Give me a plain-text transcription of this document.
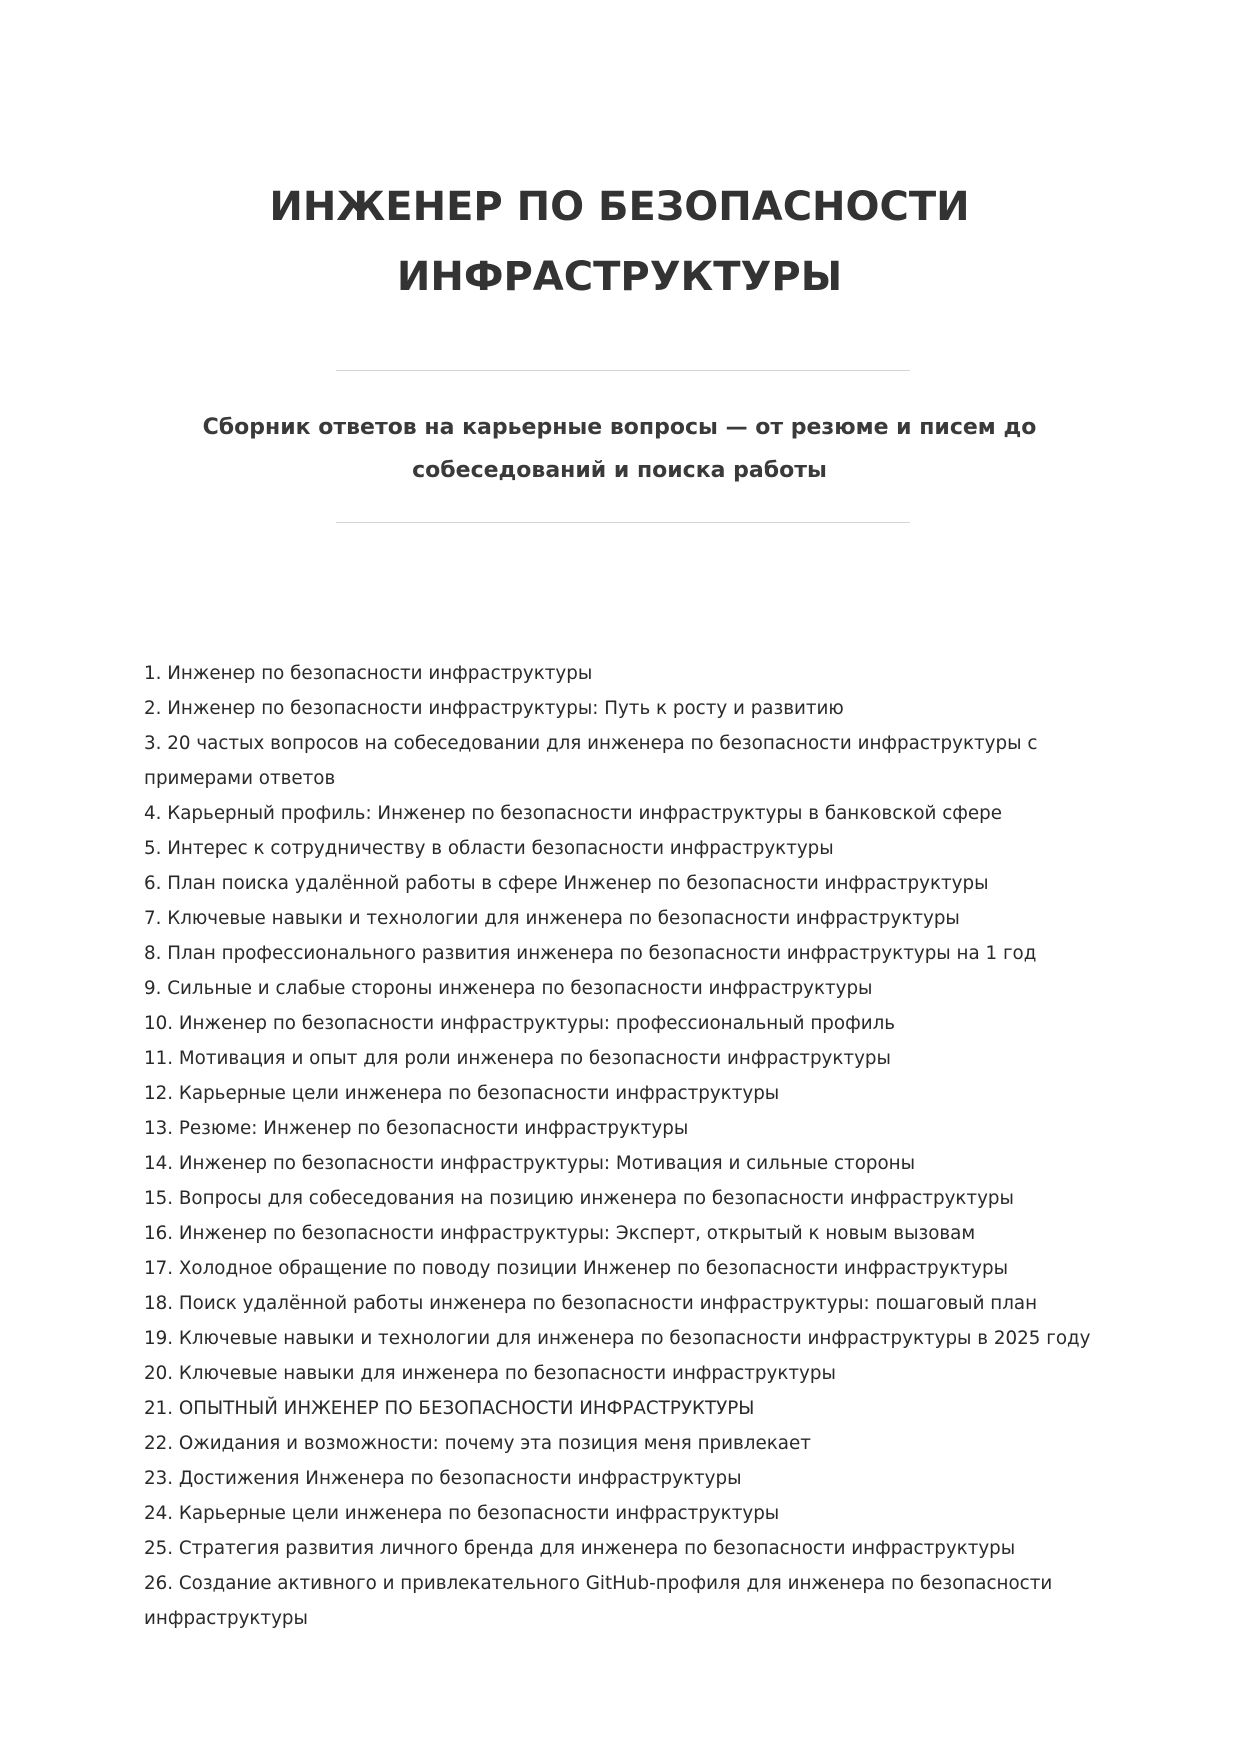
ИНЖЕНЕР ПО БЕЗОПАСНОСТИ
ИНФРАСТРУКТУРЫ

Сборник ответов на карьерные вопросы — от резюме и писем до
собеседований и поиска работы

1. Инженер по безопасности инфраструктуры
2. Инженер по безопасности инфраструктуры: Путь к росту и развитию
3. 20 частых вопросов на собеседовании для инженера по безопасности инфраструктуры с примерами ответов
4. Карьерный профиль: Инженер по безопасности инфраструктуры в банковской сфере
5. Интерес к сотрудничеству в области безопасности инфраструктуры
6. План поиска удалённой работы в сфере Инженер по безопасности инфраструктуры
7. Ключевые навыки и технологии для инженера по безопасности инфраструктуры
8. План профессионального развития инженера по безопасности инфраструктуры на 1 год
9. Сильные и слабые стороны инженера по безопасности инфраструктуры
10. Инженер по безопасности инфраструктуры: профессиональный профиль
11. Мотивация и опыт для роли инженера по безопасности инфраструктуры
12. Карьерные цели инженера по безопасности инфраструктуры
13. Резюме: Инженер по безопасности инфраструктуры
14. Инженер по безопасности инфраструктуры: Мотивация и сильные стороны
15. Вопросы для собеседования на позицию инженера по безопасности инфраструктуры
16. Инженер по безопасности инфраструктуры: Эксперт, открытый к новым вызовам
17. Холодное обращение по поводу позиции Инженер по безопасности инфраструктуры
18. Поиск удалённой работы инженера по безопасности инфраструктуры: пошаговый план
19. Ключевые навыки и технологии для инженера по безопасности инфраструктуры в 2025 году
20. Ключевые навыки для инженера по безопасности инфраструктуры
21. ОПЫТНЫЙ ИНЖЕНЕР ПО БЕЗОПАСНОСТИ ИНФРАСТРУКТУРЫ
22. Ожидания и возможности: почему эта позиция меня привлекает
23. Достижения Инженера по безопасности инфраструктуры
24. Карьерные цели инженера по безопасности инфраструктуры
25. Стратегия развития личного бренда для инженера по безопасности инфраструктуры
26. Создание активного и привлекательного GitHub-профиля для инженера по безопасности инфраструктуры
